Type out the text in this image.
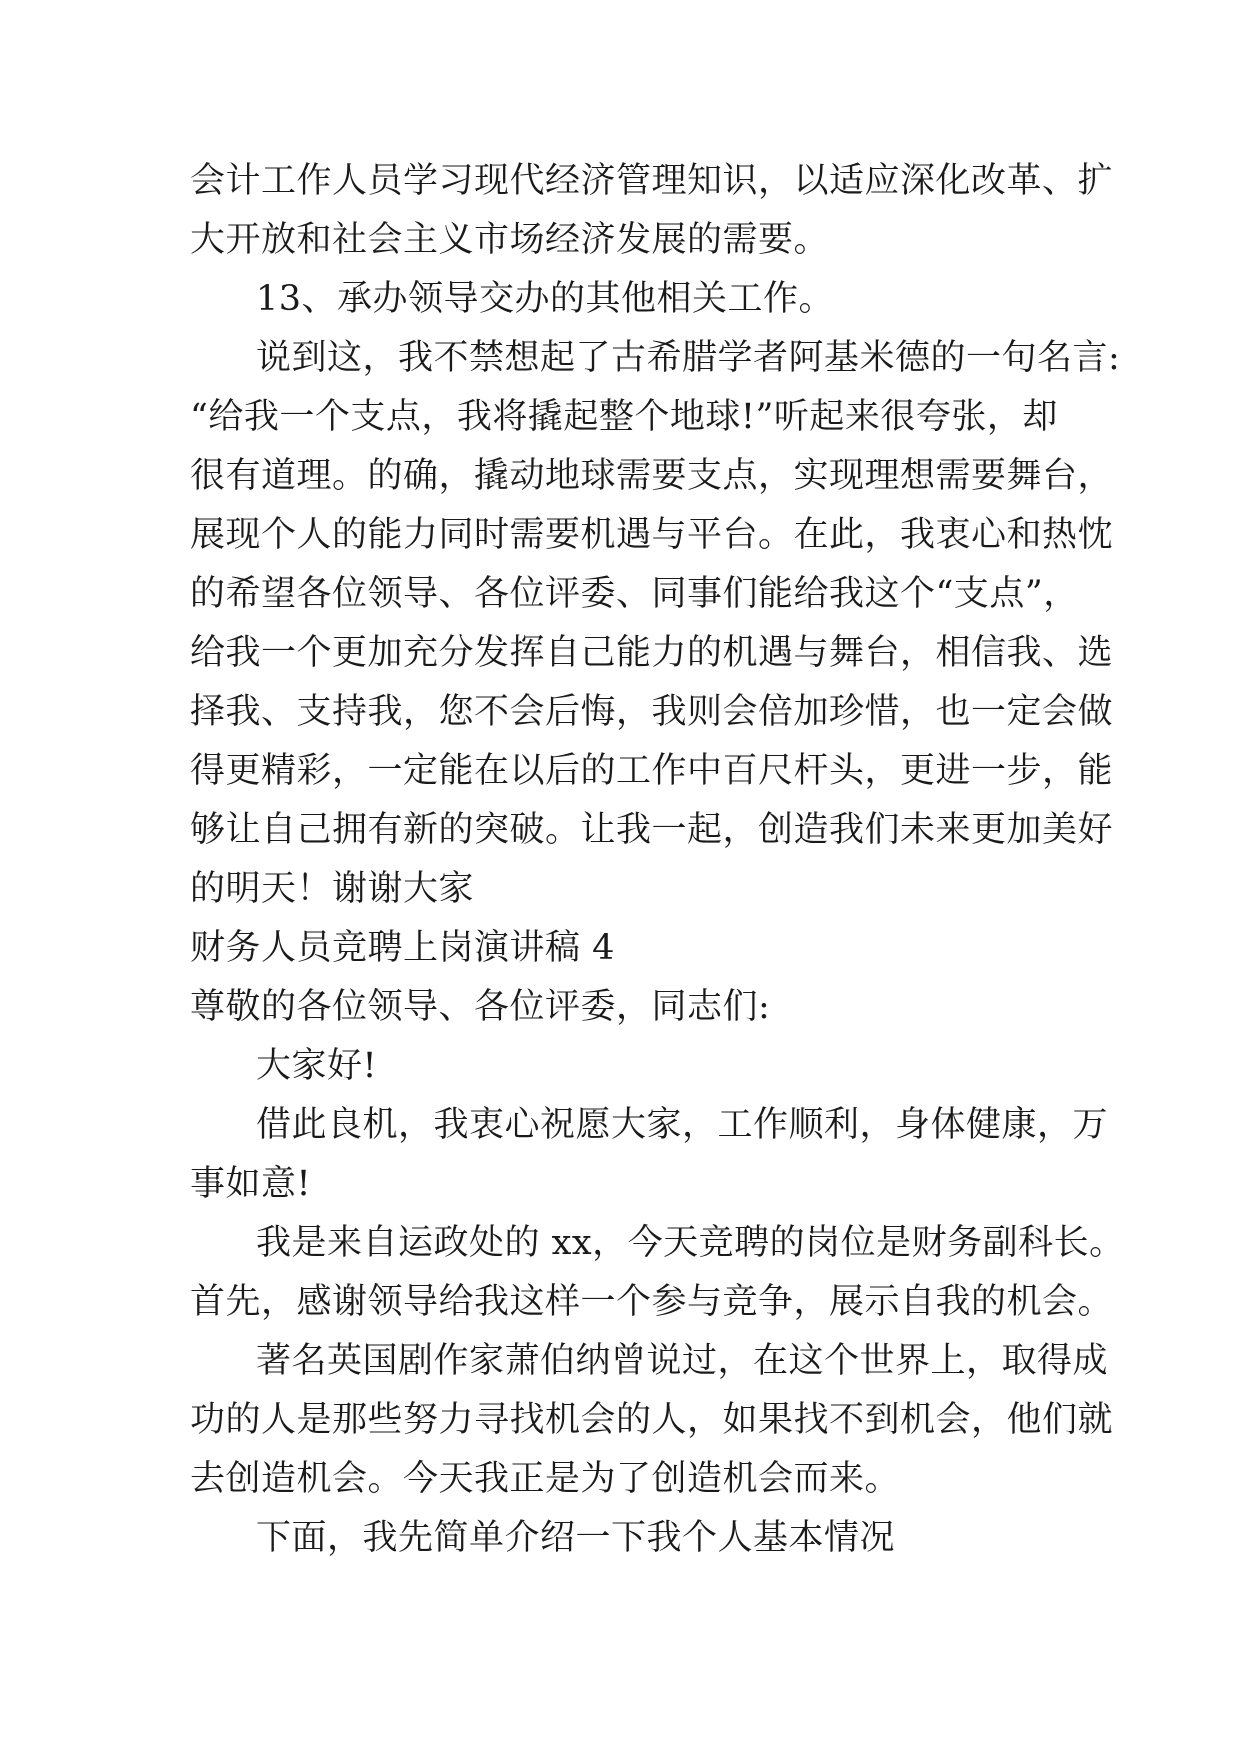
会计工作人员学习现代经济管理知识，以适应深化改革、扩
大开放和社会主义市场经济发展的需要。
13、承办领导交办的其他相关工作。
说到这，我不禁想起了古希腊学者阿基米德的一句名言:
“给我一个支点，我将撬起整个地球!”听起来很夸张，却
很有道理。的确，撬动地球需要支点，实现理想需要舞台，
展现个人的能力同时需要机遇与平台。在此，我衷心和热忱
的希望各位领导、各位评委、同事们能给我这个“支点”，
给我一个更加充分发挥自己能力的机遇与舞台，相信我、选
择我、支持我，您不会后悔，我则会倍加珍惜，也一定会做
得更精彩，一定能在以后的工作中百尺杆头，更进一步，能
够让自己拥有新的突破。让我一起，创造我们未来更加美好
的明天！谢谢大家
财务人员竞聘上岗演讲稿 4
尊敬的各位领导、各位评委，同志们:
大家好!
借此良机，我衷心祝愿大家，工作顺利，身体健康，万
事如意!
我是来自运政处的 xx，今天竞聘的岗位是财务副科长。
首先，感谢领导给我这样一个参与竞争，展示自我的机会。
著名英国剧作家萧伯纳曾说过，在这个世界上，取得成
功的人是那些努力寻找机会的人，如果找不到机会，他们就
去创造机会。今天我正是为了创造机会而来。
下面，我先简单介绍一下我个人基本情况
